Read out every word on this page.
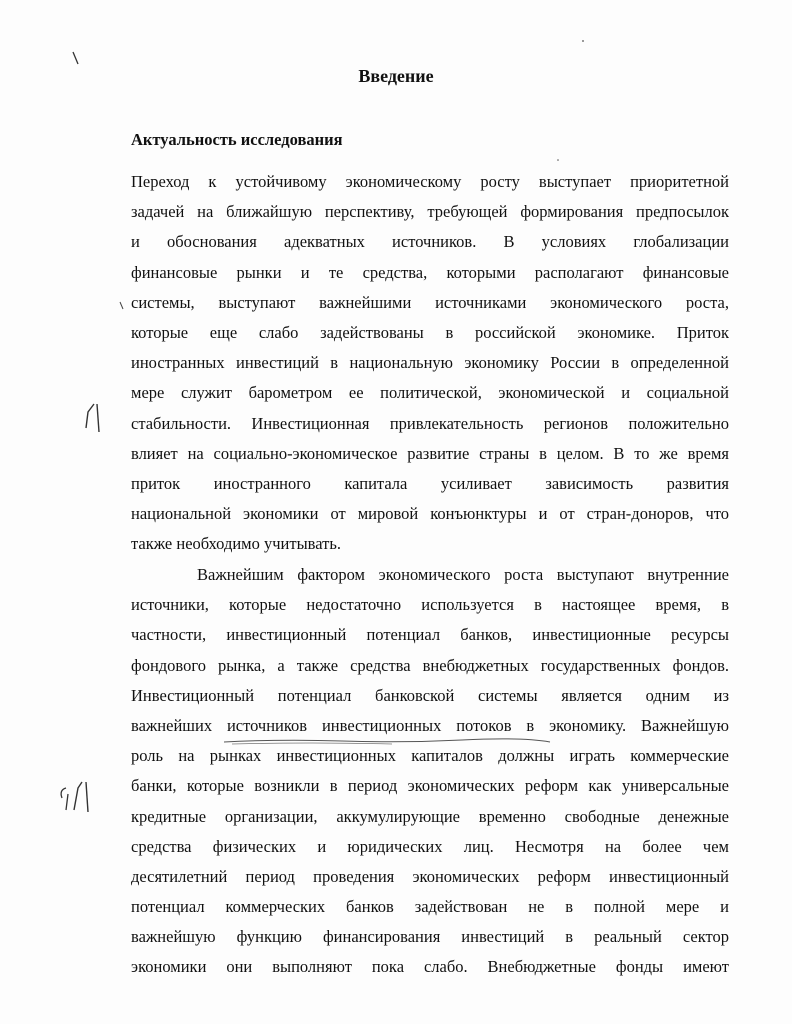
Введение
Актуальность исследования
Переход к устойчивому экономическому росту выступает приоритетной
задачей на ближайшую перспективу, требующей формирования предпосылок
и обоснования адекватных источников. В условиях глобализации
финансовые рынки и те средства, которыми располагают финансовые
системы, выступают важнейшими источниками экономического роста,
которые еще слабо задействованы в российской экономике. Приток
иностранных инвестиций в национальную экономику России в определенной
мере служит барометром ее политической, экономической и социальной
стабильности. Инвестиционная привлекательность регионов положительно
влияет на социально-экономическое развитие страны в целом. В то же время
приток иностранного капитала усиливает зависимость развития
национальной экономики от мировой конъюнктуры и от стран-доноров, что
также необходимо учитывать.
Важнейшим фактором экономического роста выступают внутренние
источники, которые недостаточно используется в настоящее время, в
частности, инвестиционный потенциал банков, инвестиционные ресурсы
фондового рынка, а также средства внебюджетных государственных фондов.
Инвестиционный потенциал банковской системы является одним из
важнейших источников инвестиционных потоков в экономику. Важнейшую
роль на рынках инвестиционных капиталов должны играть коммерческие
банки, которые возникли в период экономических реформ как универсальные
кредитные организации, аккумулирующие временно свободные денежные
средства физических и юридических лиц. Несмотря на более чем
десятилетний период проведения экономических реформ инвестиционный
потенциал коммерческих банков задействован не в полной мере и
важнейшую функцию финансирования инвестиций в реальный сектор
экономики они выполняют пока слабо. Внебюджетные фонды имеют
